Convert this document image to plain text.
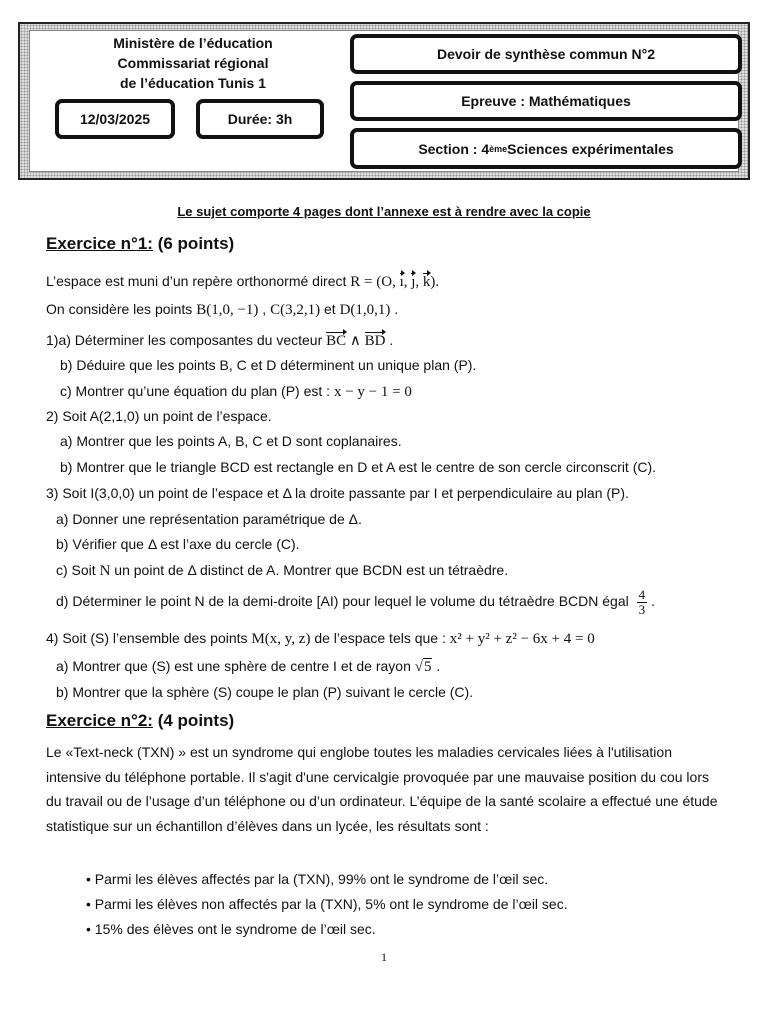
Ministère de l’éducation
Commissariat régional
de l’éducation Tunis 1
12/03/2025	Durée: 3h
Devoir de synthèse commun N°2
Epreuve : Mathématiques
Section : 4 ème Sciences expérimentales
Le sujet comporte 4 pages dont l’annexe est à rendre avec la copie
Exercice n°1: (6 points)
L’espace est muni d’un repère orthonormé direct R = (O, ı, ȷ, k).
On considère les points B(1,0, −1) , C(3,2,1) et D(1,0,1) .
1)a) Déterminer les composantes du vecteur BC ∧ BD .
b) Déduire que les points B, C et D déterminent un unique plan (P).
c) Montrer qu’une équation du plan (P) est : x − y − 1 = 0
2) Soit A(2,1,0) un point de l’espace.
a) Montrer que les points A, B, C et D sont coplanaires.
b) Montrer que le triangle BCD est rectangle en D et A est le centre de son cercle circonscrit (C).
3) Soit I(3,0,0) un point de l’espace et Δ la droite passante par I et perpendiculaire au plan (P).
a) Donner une représentation paramétrique de Δ.
b) Vérifier que Δ est l’axe du cercle (C).
c) Soit N un point de Δ distinct de A. Montrer que BCDN est un tétraèdre.
d) Déterminer le point N de la demi-droite [AI) pour lequel le volume du tétraèdre BCDN égal $\frac{4}{3}$ .
4) Soit (S) l’ensemble des points M(x, y, z) de l’espace tels que : x² + y² + z² − 6x + 4 = 0
a) Montrer que (S) est une sphère de centre I et de rayon √5 .
b) Montrer que la sphère (S) coupe le plan (P) suivant le cercle (C).
Exercice n°2: (4 points)
Le «Text-neck (TXN) » est un syndrome qui englobe toutes les maladies cervicales liées à l'utilisation intensive du téléphone portable. Il s'agit d'une cervicalgie provoquée par une mauvaise position du cou lors du travail ou de l’usage d’un téléphone ou d’un ordinateur. L’équipe de la santé scolaire a effectué une étude statistique sur un échantillon d’élèves dans un lycée, les résultats sont :
• Parmi les élèves affectés par la (TXN), 99% ont le syndrome de l’œil sec.
• Parmi les élèves non affectés par la (TXN), 5% ont le syndrome de l’œil sec.
• 15% des élèves ont le syndrome de l’œil sec.
1
